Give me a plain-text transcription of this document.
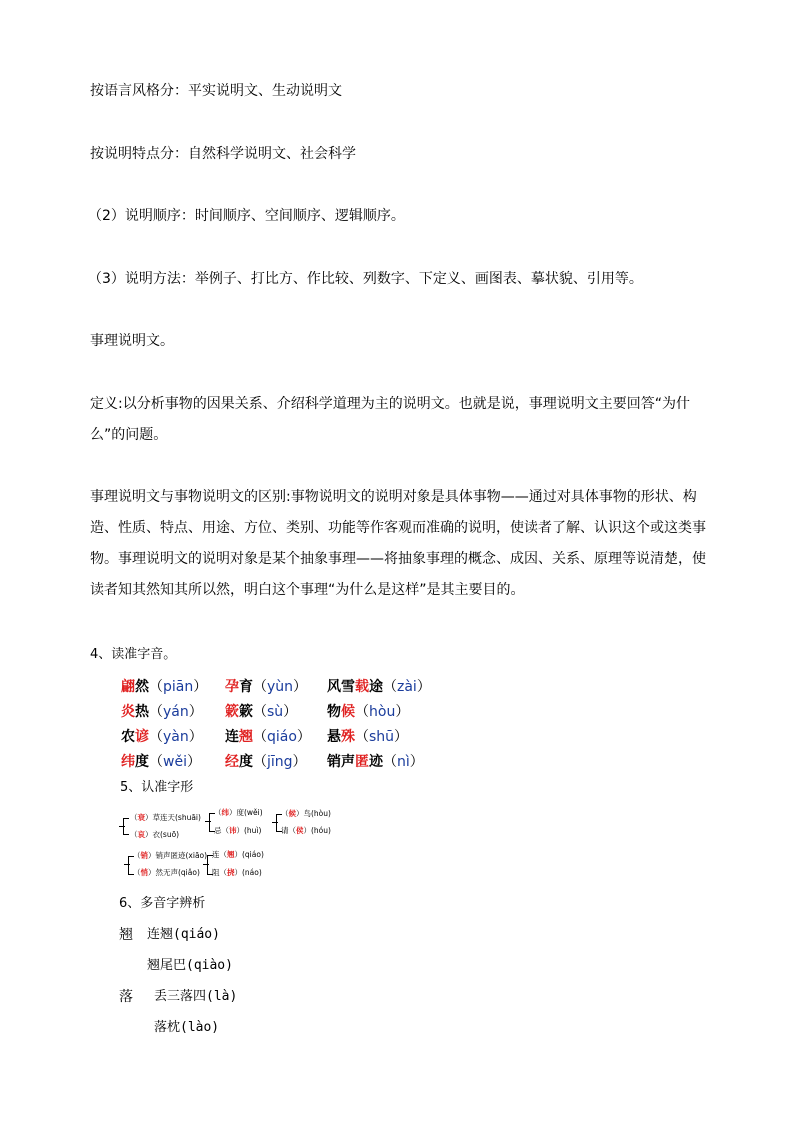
按语言风格分：平实说明文、生动说明文
按说明特点分：自然科学说明文、社会科学
（2）说明顺序：时间顺序、空间顺序、逻辑顺序。
（3）说明方法：举例子、打比方、作比较、列数字、下定义、画图表、摹状貌、引用等。
事理说明文。
定义:以分析事物的因果关系、介绍科学道理为主的说明文。也就是说，事理说明文主要回答“为什么”的问题。
事理说明文与事物说明文的区别:事物说明文的说明对象是具体事物——通过对具体事物的形状、构造、性质、特点、用途、方位、类别、功能等作客观而准确的说明，使读者了解、认识这个或这类事物。事理说明文的说明对象是某个抽象事理——将抽象事理的概念、成因、关系、原理等说清楚，使读者知其然知其所以然，明白这个事理“为什么是这样”是其主要目的。
4、读准字音。
翩然（piān） 孕育（yùn） 风雪载途（zài）
炎热（yán） 簌簌（sù） 物候（hòu）
农谚（yàn） 连翘（qiáo） 悬殊（shū）
纬度（wěi） 经度（jīng） 销声匿迹（nì）
5、认准字形
（衰）草连天(shuāi)
（哀）衣(suō)
（纬）度(wěi)
忌（讳）(huì)
（候）鸟(hòu)
请（侯）(hóu)
（销）销声匿迹(xiāo)
（悄）然无声(qiǎo)
连（翘）(qiáo)
阻（挠）(náo)
6、多音字辨析
翘 连翘(qiáo)
翘尾巴(qiào)
落 丢三落四(là)
落枕(lào)
